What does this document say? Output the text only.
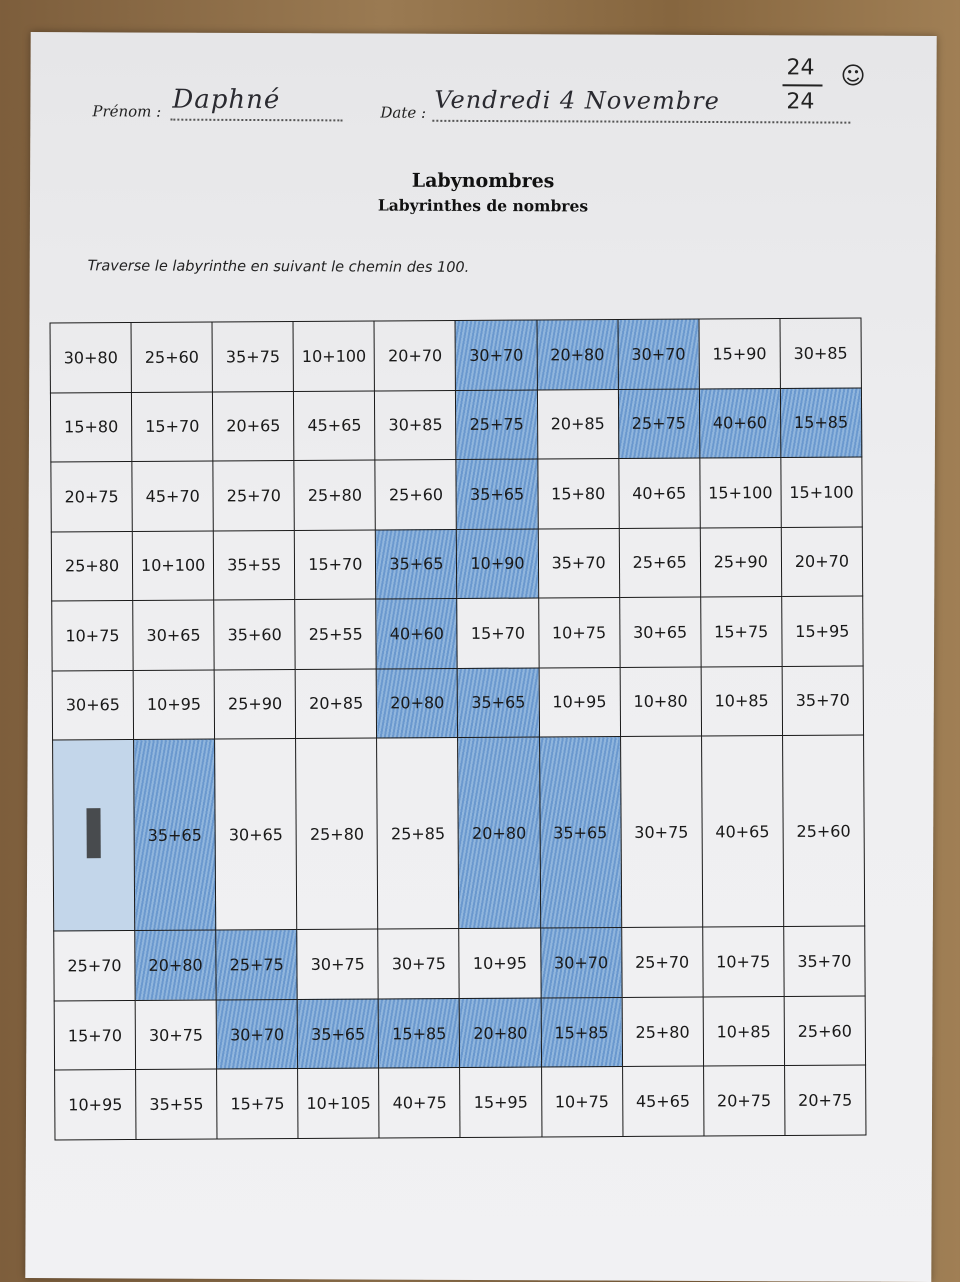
Prénom : Daphné	Date : Vendredi 4 Novembre
24
24
☺
Labynombres
Labyrinthes de nombres
Traverse le labyrinthe en suivant le chemin des 100.
30+80	25+60	35+75	10+100	20+70	30+70	20+80	30+70	15+90	30+85
15+80	15+70	20+65	45+65	30+85	25+75	20+85	25+75	40+60	15+85
20+75	45+70	25+70	25+80	25+60	35+65	15+80	40+65	15+100	15+100
25+80	10+100	35+55	15+70	35+65	10+90	35+70	25+65	25+90	20+70
10+75	30+65	35+60	25+55	40+60	15+70	10+75	30+65	15+75	15+95
30+65	10+95	25+90	20+85	20+80	35+65	10+95	10+80	10+85	35+70
	35+65	30+65	25+80	25+85	20+80	35+65	30+75	40+65	25+60
25+70	20+80	25+75	30+75	30+75	10+95	30+70	25+70	10+75	35+70
15+70	30+75	30+70	35+65	15+85	20+80	15+85	25+80	10+85	25+60
10+95	35+55	15+75	10+105	40+75	15+95	10+75	45+65	20+75	20+75
